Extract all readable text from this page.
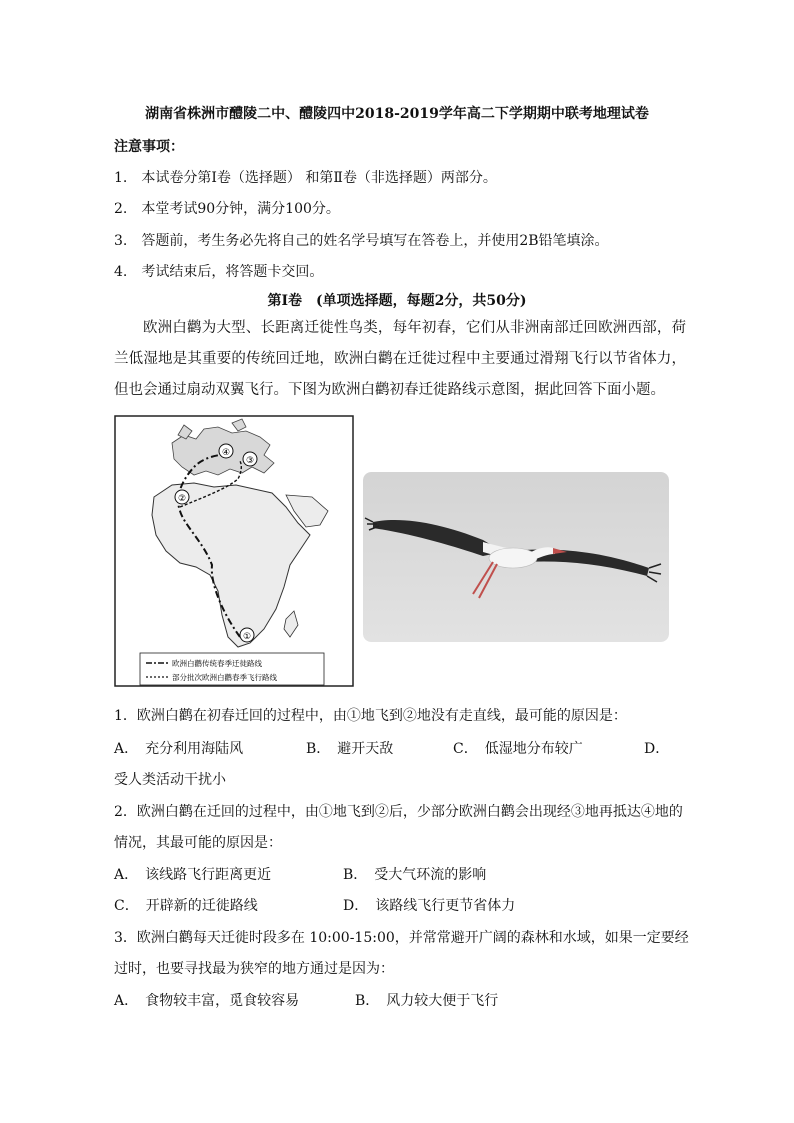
湖南省株洲市醴陵二中、醴陵四中2018-2019学年高二下学期期中联考地理试卷
注意事项：
1.　本试卷分第Ⅰ卷（选择题） 和第Ⅱ卷（非选择题）两部分。
2.　本堂考试90分钟，满分100分。
3.　答题前，考生务必先将自己的姓名学号填写在答卷上，并使用2B铅笔填涂。
4.　考试结束后，将答题卡交回。
第Ⅰ卷　(单项选择题，每题2分，共50分)
欧洲白鹳为大型、长距离迁徙性鸟类，每年初春，它们从非洲南部迁回欧洲西部，荷兰低湿地是其重要的传统回迁地，欧洲白鹳在迁徙过程中主要通过滑翔飞行以节省体力，但也会通过扇动双翼飞行。下图为欧洲白鹳初春迁徙路线示意图，据此回答下面小题。
①
②
③
④
欧洲白鹳传统春季迁徙路线
部分批次欧洲白鹳春季飞行路线
1．欧洲白鹳在初春迁回的过程中，由①地飞到②地没有走直线，最可能的原因是：
A．　充分利用海陆风	B．　避开天敌	C．　低湿地分布较广	D．
受人类活动干扰小
2．欧洲白鹳在迁回的过程中，由①地飞到②后，少部分欧洲白鹳会出现经③地再抵达④地的
情况，其最可能的原因是：
A．　该线路飞行距离更近	B．　受大气环流的影响
C．　开辟新的迁徙路线	D．　该路线飞行更节省体力
3．欧洲白鹳每天迁徙时段多在 10:00-15:00，并常常避开广阔的森林和水域，如果一定要经
过时，也要寻找最为狭窄的地方通过是因为：
A．　食物较丰富，觅食较容易	B．　风力较大便于飞行
